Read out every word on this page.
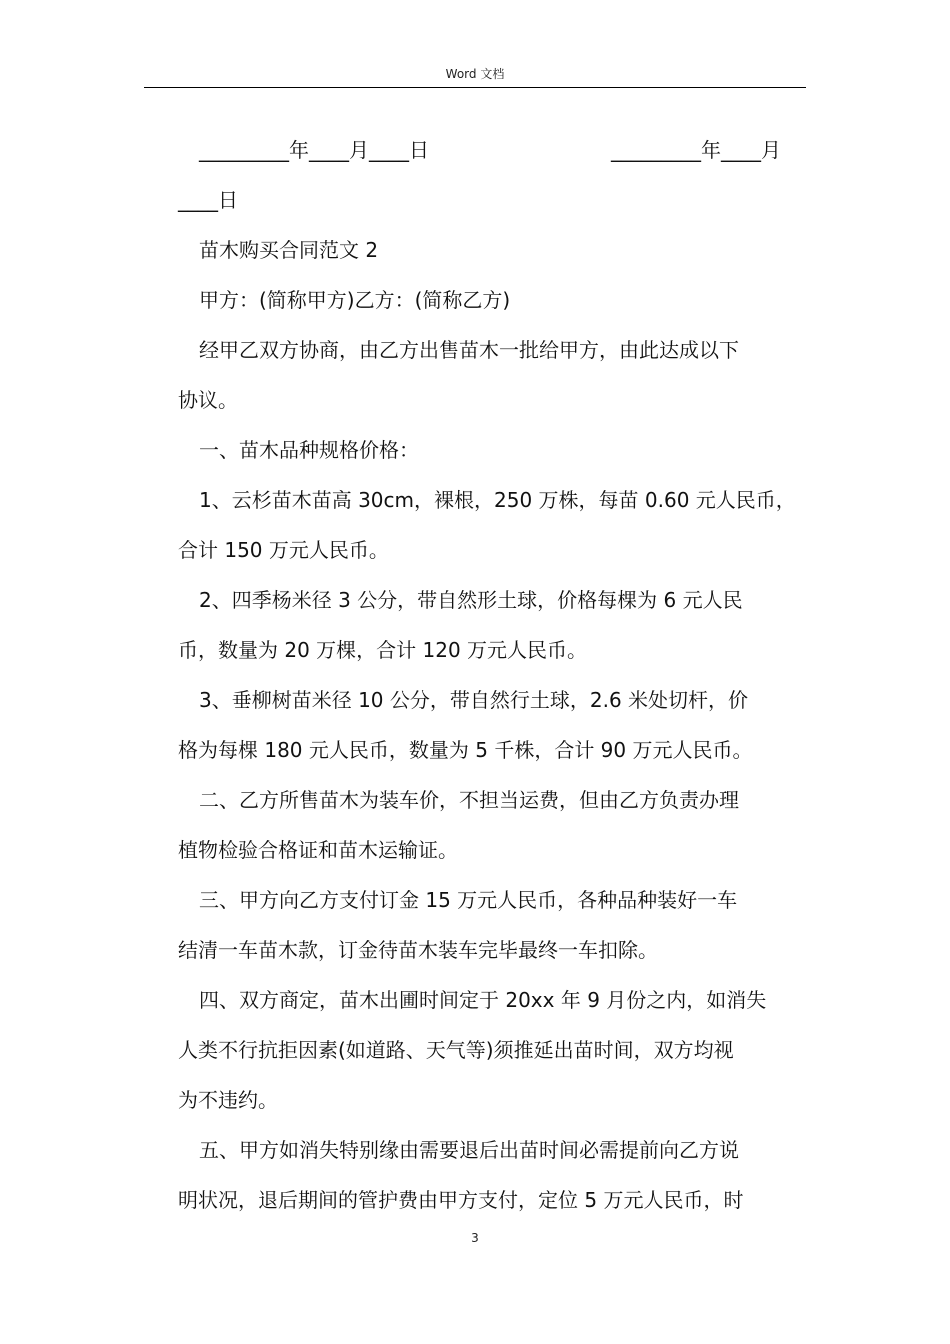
Word 文档
_________年____月____日	_________年____月
____日
苗木购买合同范文 2
甲方：(简称甲方)乙方：(简称乙方)
经甲乙双方协商，由乙方出售苗木一批给甲方，由此达成以下
协议。
一、苗木品种规格价格：
1、云杉苗木苗高 30cm，裸根，250 万株，每苗 0.60 元人民币，
合计 150 万元人民币。
2、四季杨米径 3 公分，带自然形土球，价格每棵为 6 元人民
币，数量为 20 万棵，合计 120 万元人民币。
3、垂柳树苗米径 10 公分，带自然行土球，2.6 米处切杆，价
格为每棵 180 元人民币，数量为 5 千株，合计 90 万元人民币。
二、乙方所售苗木为装车价，不担当运费，但由乙方负责办理
植物检验合格证和苗木运输证。
三、甲方向乙方支付订金 15 万元人民币，各种品种装好一车
结清一车苗木款，订金待苗木装车完毕最终一车扣除。
四、双方商定，苗木出圃时间定于 20xx 年 9 月份之内，如消失
人类不行抗拒因素(如道路、天气等)须推延出苗时间，双方均视
为不违约。
五、甲方如消失特别缘由需要退后出苗时间必需提前向乙方说
明状况，退后期间的管护费由甲方支付，定位 5 万元人民币，时
3
